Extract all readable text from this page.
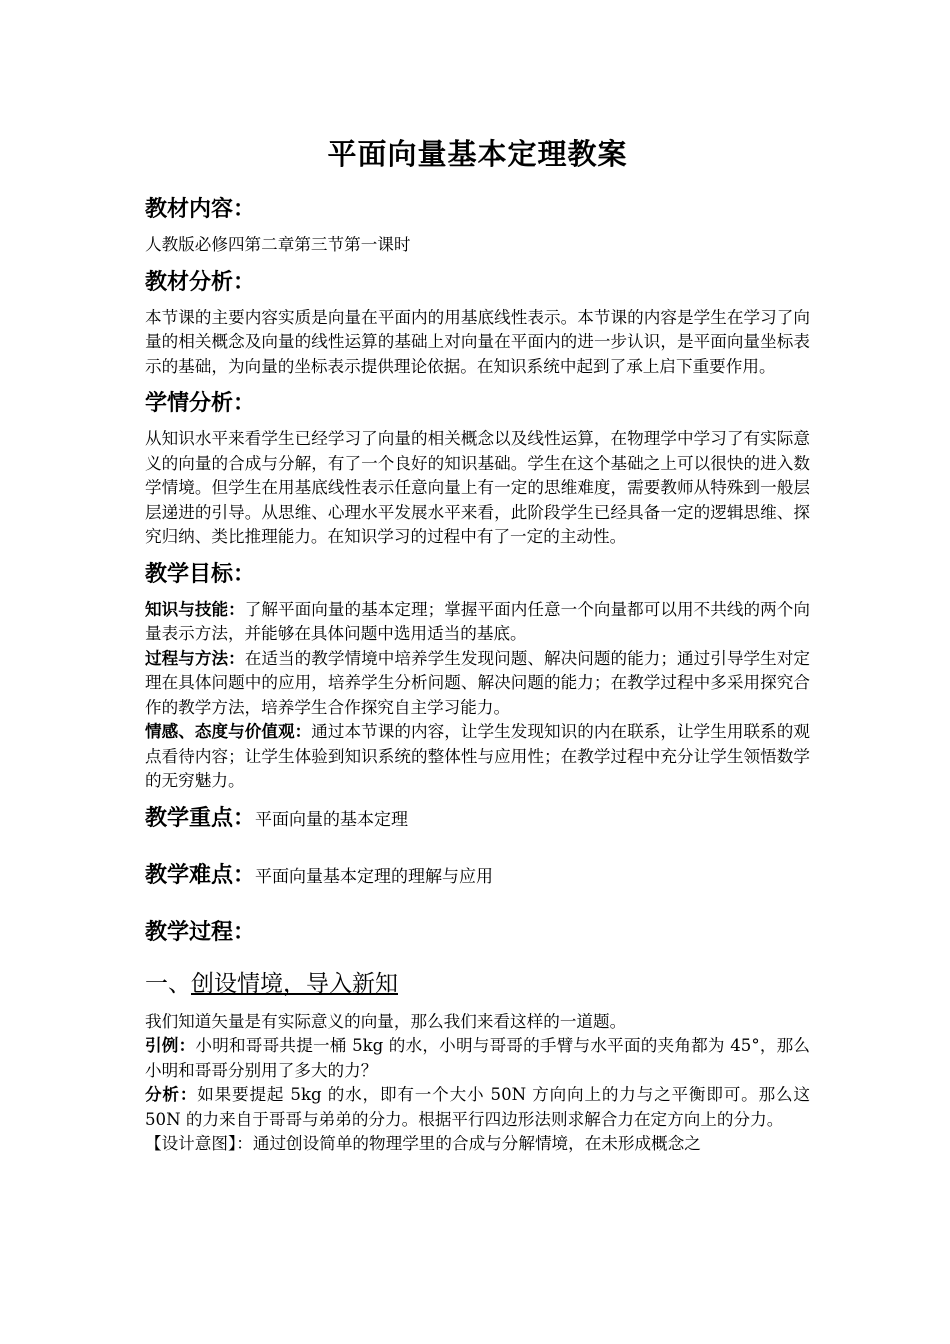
平面向量基本定理教案
教材内容：
人教版必修四第二章第三节第一课时
教材分析：
本节课的主要内容实质是向量在平面内的用基底线性表示。本节课的内容是学生在学习了向量的相关概念及向量的线性运算的基础上对向量在平面内的进一步认识，是平面向量坐标表示的基础，为向量的坐标表示提供理论依据。在知识系统中起到了承上启下重要作用。
学情分析：
从知识水平来看学生已经学习了向量的相关概念以及线性运算，在物理学中学习了有实际意义的向量的合成与分解，有了一个良好的知识基础。学生在这个基础之上可以很快的进入数学情境。但学生在用基底线性表示任意向量上有一定的思维难度，需要教师从特殊到一般层层递进的引导。从思维、心理水平发展水平来看，此阶段学生已经具备一定的逻辑思维、探究归纳、类比推理能力。在知识学习的过程中有了一定的主动性。
教学目标：
知识与技能：了解平面向量的基本定理；掌握平面内任意一个向量都可以用不共线的两个向量表示方法，并能够在具体问题中选用适当的基底。
过程与方法：在适当的教学情境中培养学生发现问题、解决问题的能力；通过引导学生对定理在具体问题中的应用，培养学生分析问题、解决问题的能力；在教学过程中多采用探究合作的教学方法，培养学生合作探究自主学习能力。
情感、态度与价值观：通过本节课的内容，让学生发现知识的内在联系，让学生用联系的观点看待内容；让学生体验到知识系统的整体性与应用性；在教学过程中充分让学生领悟数学的无穷魅力。
教学重点：平面向量的基本定理
教学难点：平面向量基本定理的理解与应用
教学过程：
一、创设情境，导入新知
我们知道矢量是有实际意义的向量，那么我们来看这样的一道题。
引例：小明和哥哥共提一桶 5kg 的水，小明与哥哥的手臂与水平面的夹角都为 45°，那么小明和哥哥分别用了多大的力？
分析：如果要提起 5kg 的水，即有一个大小 50N 方向向上的力与之平衡即可。那么这 50N 的力来自于哥哥与弟弟的分力。根据平行四边形法则求解合力在定方向上的分力。
【设计意图】：通过创设简单的物理学里的合成与分解情境，在未形成概念之
